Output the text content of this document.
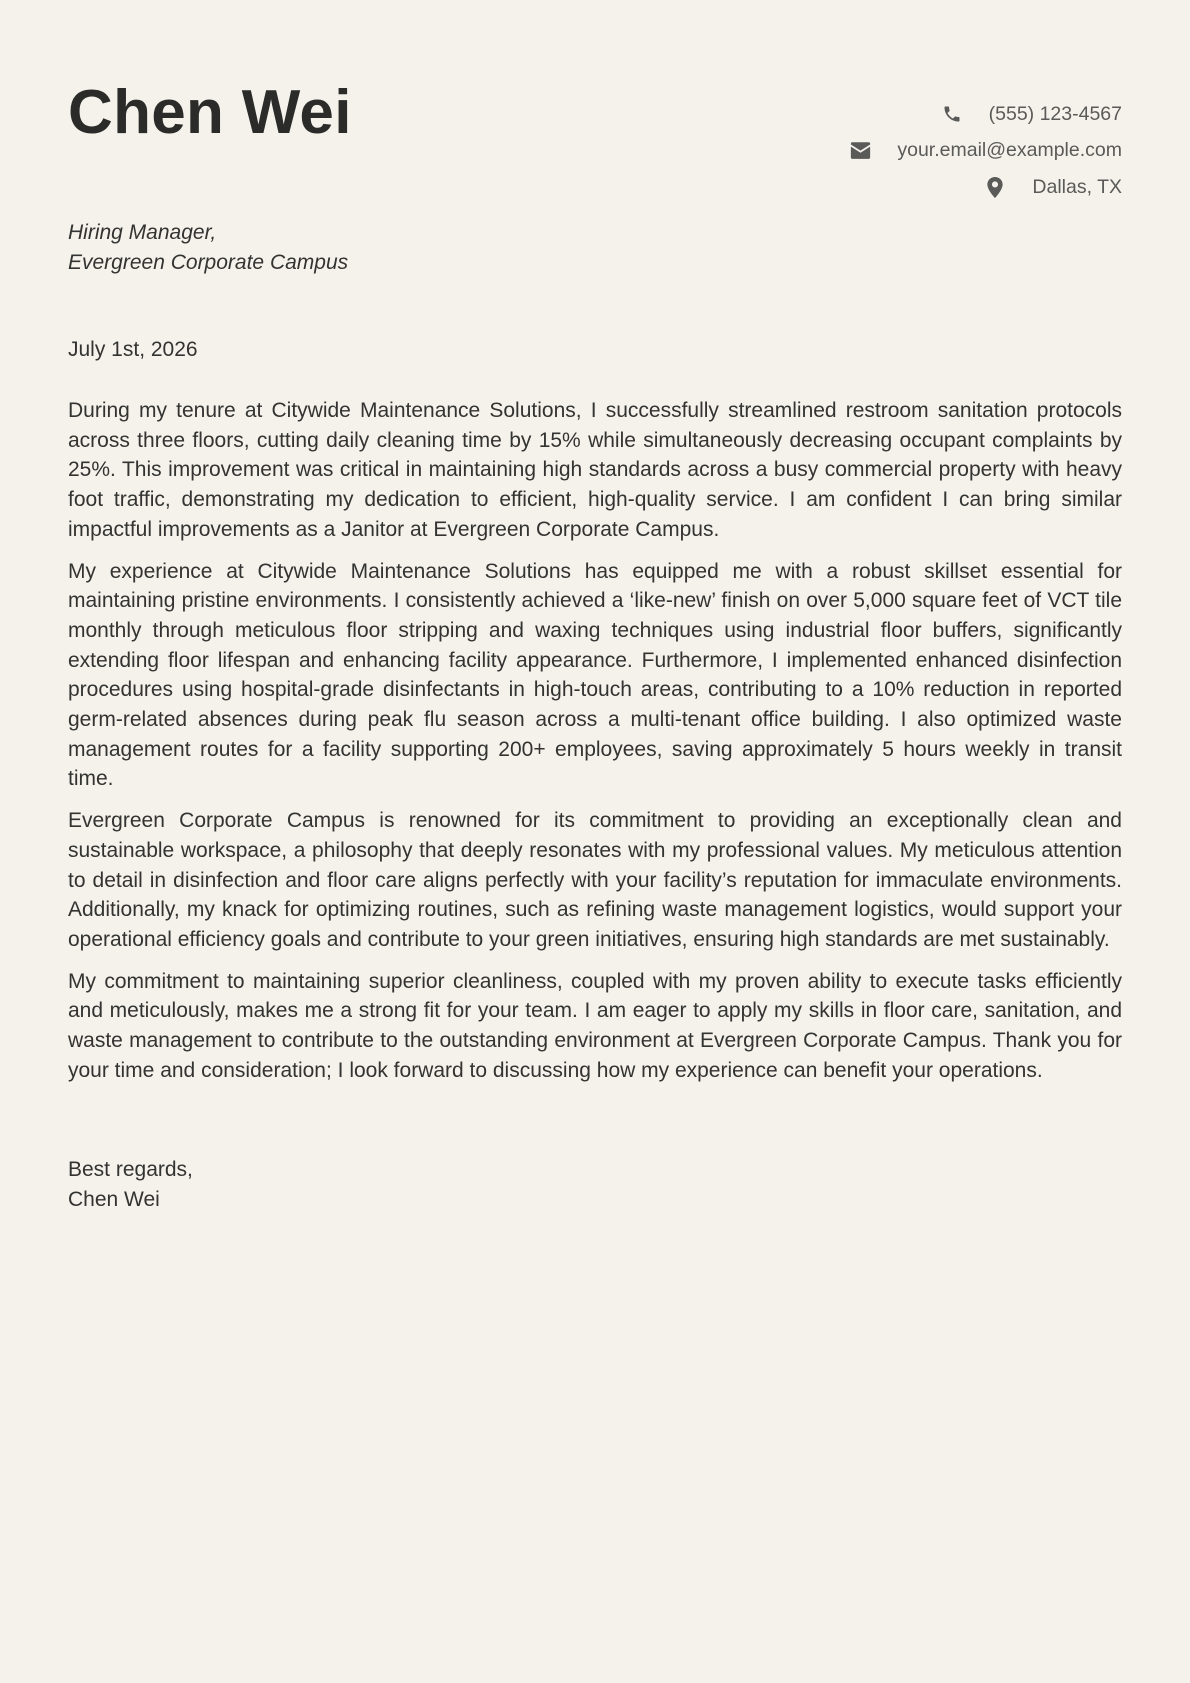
Chen Wei	(555) 123-4567
your.email@example.com
Dallas, TX
Hiring Manager,
Evergreen Corporate Campus
July 1st, 2026

During my tenure at Citywide Maintenance Solutions, I successfully streamlined restroom sanitation protocols across three floors, cutting daily cleaning time by 15% while simultaneously decreasing occupant complaints by 25%. This improvement was critical in maintaining high standards across a busy commercial property with heavy foot traffic, demonstrating my dedication to efficient, high-quality service. I am confident I can bring similar impactful improvements as a Janitor at Evergreen Corporate Campus.

My experience at Citywide Maintenance Solutions has equipped me with a robust skillset essential for maintaining pristine environments. I consistently achieved a ‘like-new’ finish on over 5,000 square feet of VCT tile monthly through meticulous floor stripping and waxing techniques using industrial floor buffers, significantly extending floor lifespan and enhancing facility appearance. Furthermore, I implemented enhanced disinfection procedures using hospital-grade disinfectants in high-touch areas, contributing to a 10% reduction in reported germ-related absences during peak flu season across a multi-tenant office building. I also optimized waste management routes for a facility supporting 200+ employees, saving approximately 5 hours weekly in transit time.

Evergreen Corporate Campus is renowned for its commitment to providing an exceptionally clean and sustainable workspace, a philosophy that deeply resonates with my professional values. My meticulous attention to detail in disinfection and floor care aligns perfectly with your facility’s reputation for immaculate environments. Additionally, my knack for optimizing routines, such as refining waste management logistics, would support your operational efficiency goals and contribute to your green initiatives, ensuring high standards are met sustainably.

My commitment to maintaining superior cleanliness, coupled with my proven ability to execute tasks efficiently and meticulously, makes me a strong fit for your team. I am eager to apply my skills in floor care, sanitation, and waste management to contribute to the outstanding environment at Evergreen Corporate Campus. Thank you for your time and consideration; I look forward to discussing how my experience can benefit your operations.

Best regards,
Chen Wei
